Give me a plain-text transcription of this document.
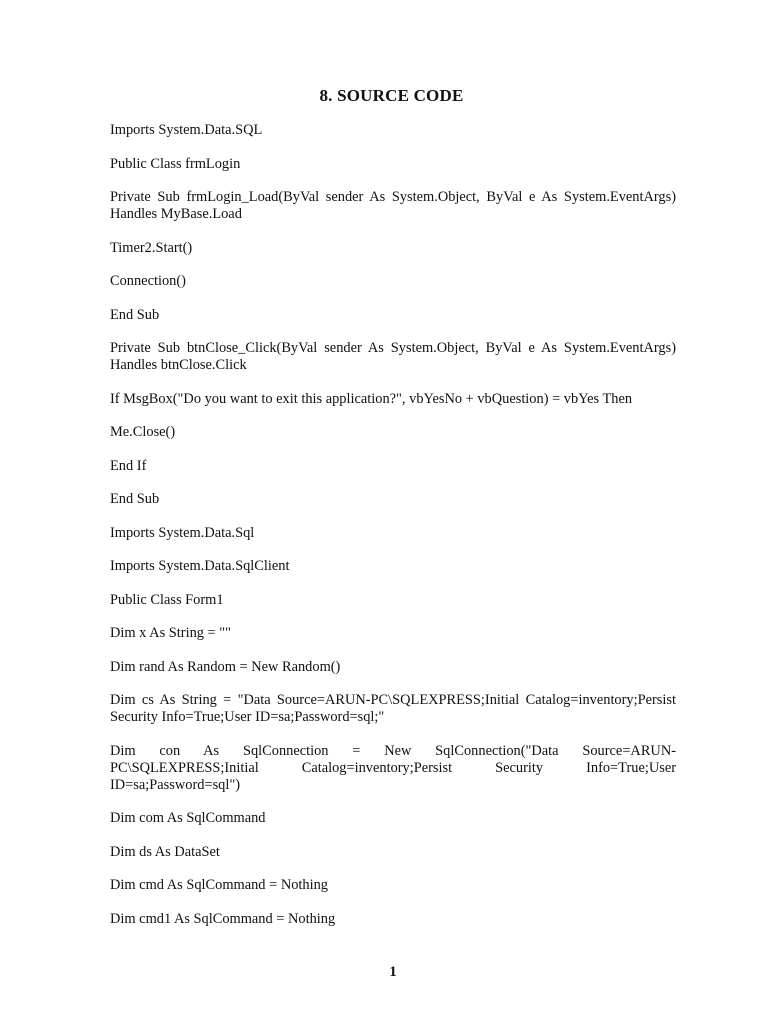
8. SOURCE CODE

Imports System.Data.SQL

Public Class frmLogin

Private Sub frmLogin_Load(ByVal sender As System.Object, ByVal e As System.EventArgs) Handles MyBase.Load

Timer2.Start()

Connection()

End Sub

Private Sub btnClose_Click(ByVal sender As System.Object, ByVal e As System.EventArgs) Handles btnClose.Click

If MsgBox("Do you want to exit this application?", vbYesNo + vbQuestion) = vbYes Then

Me.Close()

End If

End Sub

Imports System.Data.Sql

Imports System.Data.SqlClient

Public Class Form1

Dim x As String = ""

Dim rand As Random = New Random()

Dim cs As String = "Data Source=ARUN-PC\SQLEXPRESS;Initial Catalog=inventory;Persist Security Info=True;User ID=sa;Password=sql;"

Dim con As SqlConnection = New SqlConnection("Data Source=ARUN-PC\SQLEXPRESS;Initial Catalog=inventory;Persist Security Info=True;User ID=sa;Password=sql")

Dim com As SqlCommand

Dim ds As DataSet

Dim cmd As SqlCommand = Nothing

Dim cmd1 As SqlCommand = Nothing

1
